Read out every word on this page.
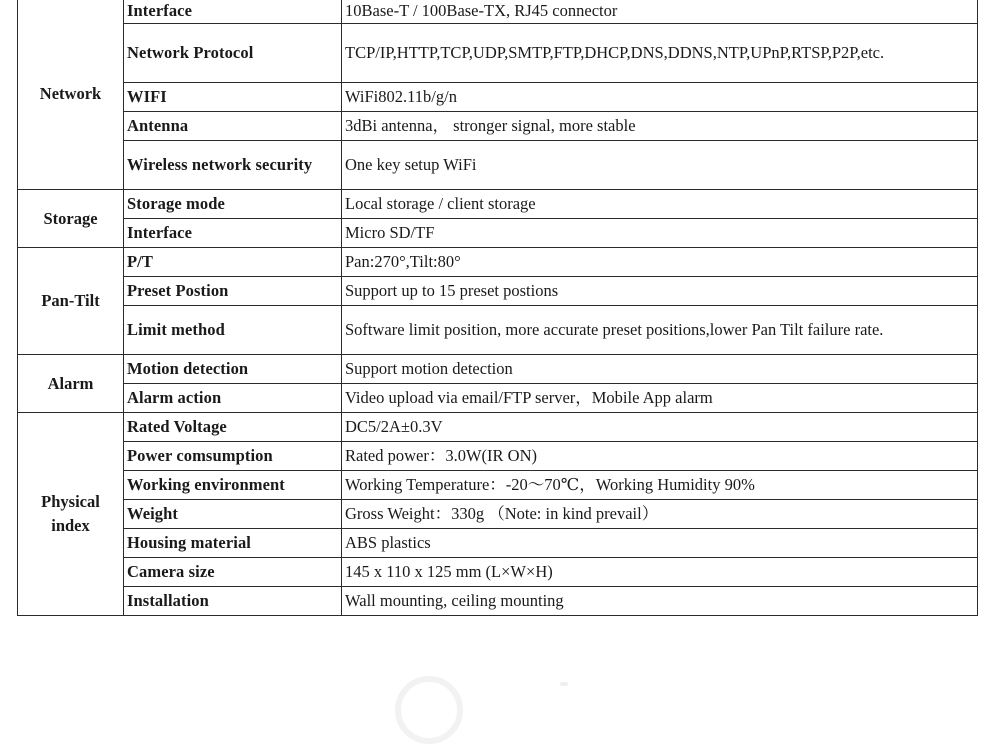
Network	Interface	10Base-T / 100Base-TX, RJ45 connector
	Network Protocol	TCP/IP,HTTP,TCP,UDP,SMTP,FTP,DHCP,DNS,DDNS,NTP,UPnP,RTSP,P2P,etc.
	WIFI	WiFi802.11b/g/n
	Antenna	3dBi antenna， stronger signal, more stable
	Wireless network security	One key setup WiFi
Storage	Storage mode	Local storage / client storage
	Interface	Micro SD/TF
Pan-Tilt	P/T	Pan:270°,Tilt:80°
	Preset Postion	Support up to 15 preset postions
	Limit method	Software limit position, more accurate preset positions,lower Pan Tilt failure rate.
Alarm	Motion detection	Support motion detection
	Alarm action	Video upload via email/FTP server，Mobile App alarm
Physical index	Rated Voltage	DC5/2A±0.3V
	Power comsumption	Rated power：3.0W(IR ON)
	Working environment	Working Temperature：-20～70℃，Working Humidity 90%
	Weight	Gross Weight：330g （Note: in kind prevail）
	Housing material	ABS plastics
	Camera size	145 x 110 x 125 mm (L×W×H)
	Installation	Wall mounting, ceiling mounting
